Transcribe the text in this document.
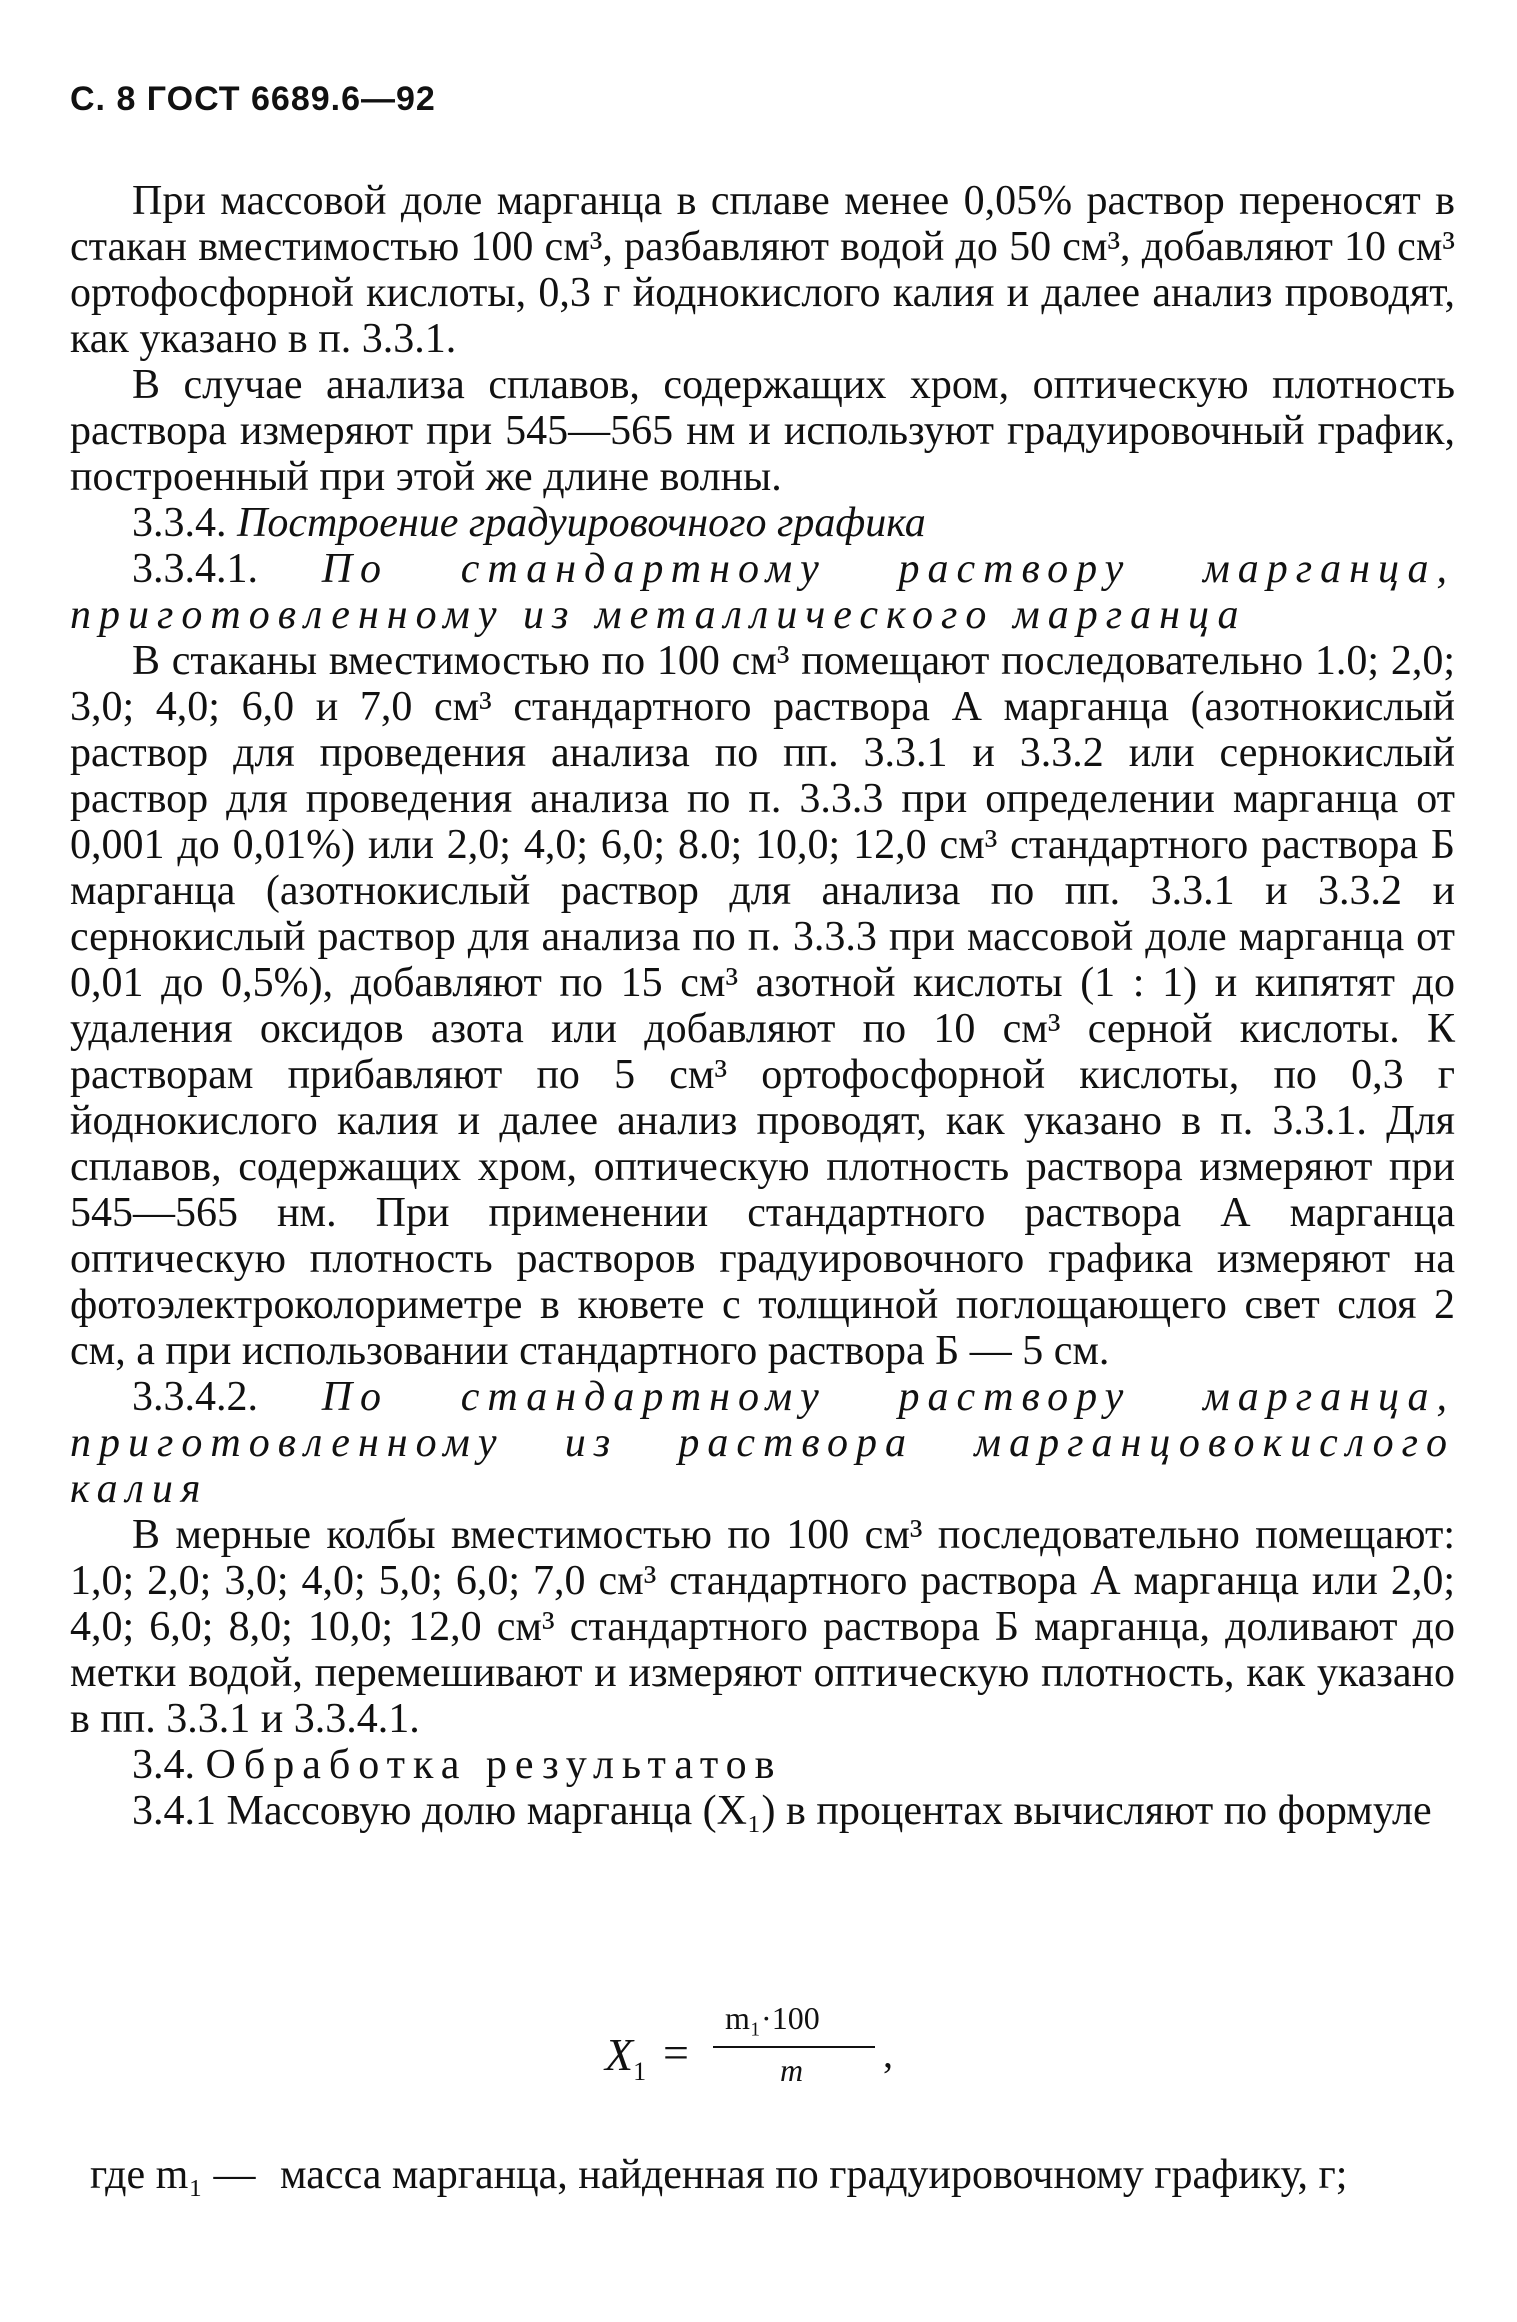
С. 8 ГОСТ 6689.6—92

При массовой доле марганца в сплаве менее 0,05% раствор переносят в стакан вместимостью 100 см³, разбавляют водой до 50 см³, добавляют 10 см³ ортофосфорной кислоты, 0,3 г йоднокислого калия и далее анализ проводят, как указано в п. 3.3.1.

В случае анализа сплавов, содержащих хром, оптическую плотность раствора измеряют при 545—565 нм и используют градуировочный график, построенный при этой же длине волны.

3.3.4. Построение градуировочного графика

3.3.4.1. По стандартному раствору марганца, приготовленному из металлического марганца

В стаканы вместимостью по 100 см³ помещают последовательно 1.0; 2,0; 3,0; 4,0; 6,0 и 7,0 см³ стандартного раствора А марганца (азотнокислый раствор для проведения анализа по пп. 3.3.1 и 3.3.2 или сернокислый раствор для проведения анализа по п. 3.3.3 при определении марганца от 0,001 до 0,01%) или 2,0; 4,0; 6,0; 8.0; 10,0; 12,0 см³ стандартного раствора Б марганца (азотнокислый раствор для анализа по пп. 3.3.1 и 3.3.2 и сернокислый раствор для анализа по п. 3.3.3 при массовой доле марганца от 0,01 до 0,5%), добавляют по 15 см³ азотной кислоты (1 : 1) и кипятят до удаления оксидов азота или добавляют по 10 см³ серной кислоты. К растворам прибавляют по 5 см³ ортофосфорной кислоты, по 0,3 г йоднокислого калия и далее анализ проводят, как указано в п. 3.3.1. Для сплавов, содержащих хром, оптическую плотность раствора измеряют при 545—565 нм. При применении стандартного раствора А марганца оптическую плотность растворов градуировочного графика измеряют на фотоэлектроколориметре в кювете с толщиной поглощающего свет слоя 2 см, а при использовании стандартного раствора Б — 5 см.

3.3.4.2. По стандартному раствору марганца, приготовленному из раствора марганцовокислого калия

В мерные колбы вместимостью по 100 см³ последовательно помещают: 1,0; 2,0; 3,0; 4,0; 5,0; 6,0; 7,0 см³ стандартного раствора А марганца или 2,0; 4,0; 6,0; 8,0; 10,0; 12,0 см³ стандартного раствора Б марганца, доливают до метки водой, перемешивают и измеряют оптическую плотность, как указано в пп. 3.3.1 и 3.3.4.1.

3.4. Обработка результатов

3.4.1 Массовую долю марганца (X₁) в процентах вычисляют по формуле

$X_1$ =
m₁·100
m ,
где m₁ — масса марганца, найденная по градуировочному графику, г;
